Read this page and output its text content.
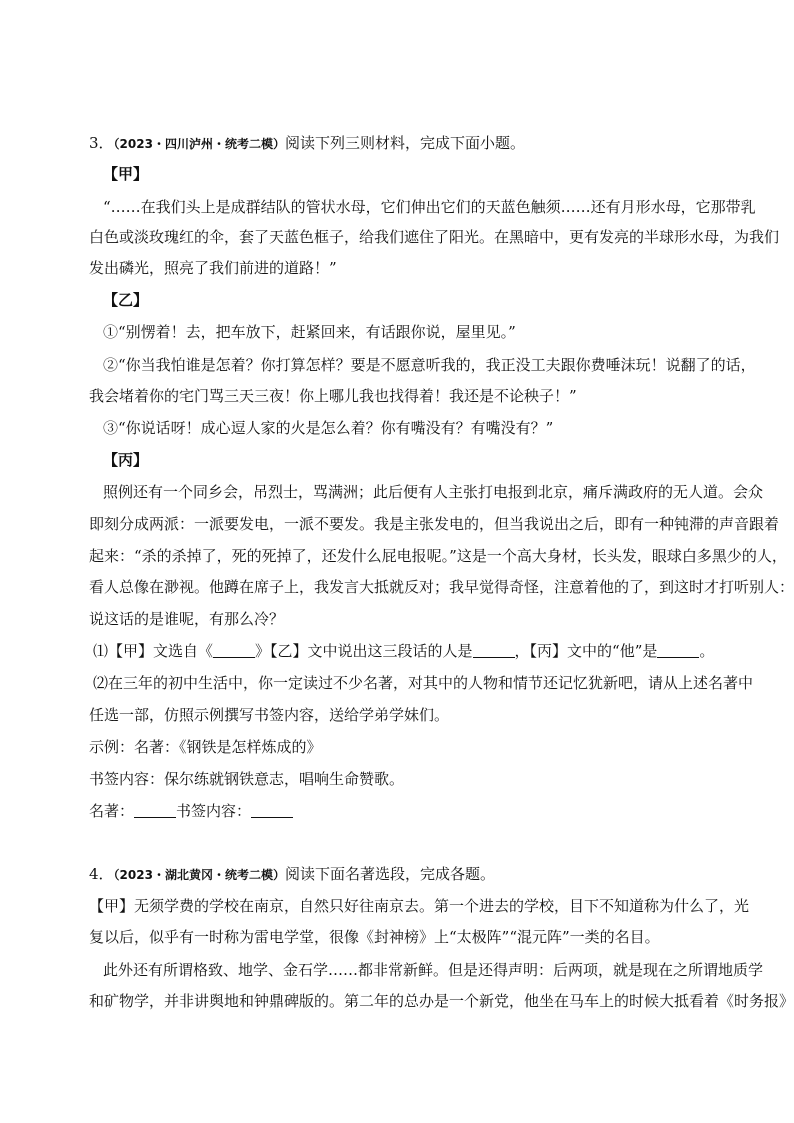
3．（2023・四川泸州・统考二模）阅读下列三则材料，完成下面小题。
【甲】
“……在我们头上是成群结队的管状水母，它们伸出它们的天蓝色触须……还有月形水母，它那带乳
白色或淡玫瑰红的伞，套了天蓝色框子，给我们遮住了阳光。在黑暗中，更有发亮的半球形水母，为我们
发出磷光，照亮了我们前进的道路！”
【乙】
①“别愣着！去，把车放下，赶紧回来，有话跟你说，屋里见。”
②“你当我怕谁是怎着？你打算怎样？要是不愿意听我的，我正没工夫跟你费唾沫玩！说翻了的话，
我会堵着你的宅门骂三天三夜！你上哪儿我也找得着！我还是不论秧子！”
③“你说话呀！成心逗人家的火是怎么着？你有嘴没有？有嘴没有？”
【丙】
照例还有一个同乡会，吊烈士，骂满洲；此后便有人主张打电报到北京，痛斥满政府的无人道。会众
即刻分成两派：一派要发电，一派不要发。我是主张发电的，但当我说出之后，即有一种钝滞的声音跟着
起来：“杀的杀掉了，死的死掉了，还发什么屁电报呢。”这是一个高大身材，长头发，眼球白多黑少的人，
看人总像在渺视。他蹲在席子上，我发言大抵就反对；我早觉得奇怪，注意着他的了，到这时才打听别人：
说这话的是谁呢，有那么冷？
⑴【甲】文选自《	》【乙】文中说出这三段话的人是	，【丙】文中的“他”是	。
⑵在三年的初中生活中，你一定读过不少名著，对其中的人物和情节还记忆犹新吧，请从上述名著中
任选一部，仿照示例撰写书签内容，送给学弟学妹们。
示例：名著：《钢铁是怎样炼成的》
书签内容：保尔练就钢铁意志，唱响生命赞歌。
名著：	书签内容：
4．（2023・湖北黄冈・统考二模）阅读下面名著选段，完成各题。
【甲】无须学费的学校在南京，自然只好往南京去。第一个进去的学校，目下不知道称为什么了，光
复以后，似乎有一时称为雷电学堂，很像《封神榜》上“太极阵”“混元阵”一类的名目。
此外还有所谓格致、地学、金石学……都非常新鲜。但是还得声明：后两项，就是现在之所谓地质学
和矿物学，并非讲舆地和钟鼎碑版的。第二年的总办是一个新党，他坐在马车上的时候大抵看着《时务报》
